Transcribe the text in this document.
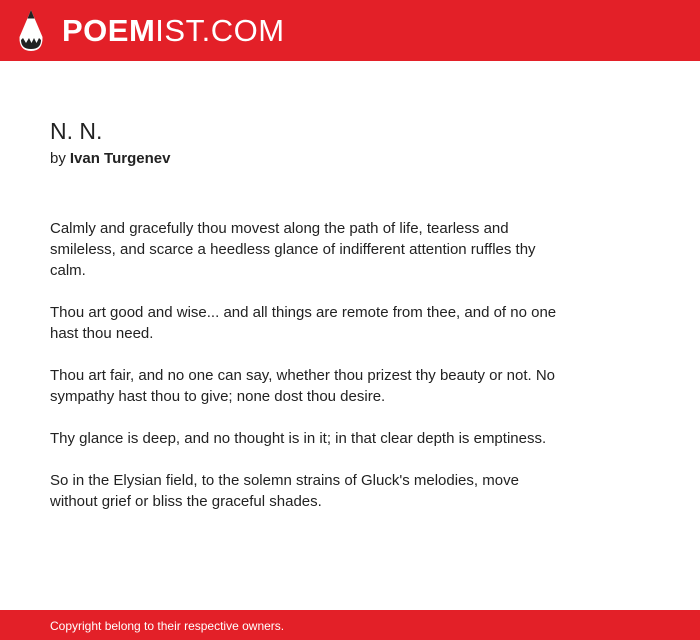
POEMIST.COM
N. N.
by Ivan Turgenev

Calmly and gracefully thou movest along the path of life, tearless and smileless, and scarce a heedless glance of indifferent attention ruffles thy calm.

Thou art good and wise... and all things are remote from thee, and of no one hast thou need.

Thou art fair, and no one can say, whether thou prizest thy beauty or not. No sympathy hast thou to give; none dost thou desire.

Thy glance is deep, and no thought is in it; in that clear depth is emptiness.

So in the Elysian field, to the solemn strains of Gluck's melodies, move without grief or bliss the graceful shades.

Copyright belong to their respective owners.
